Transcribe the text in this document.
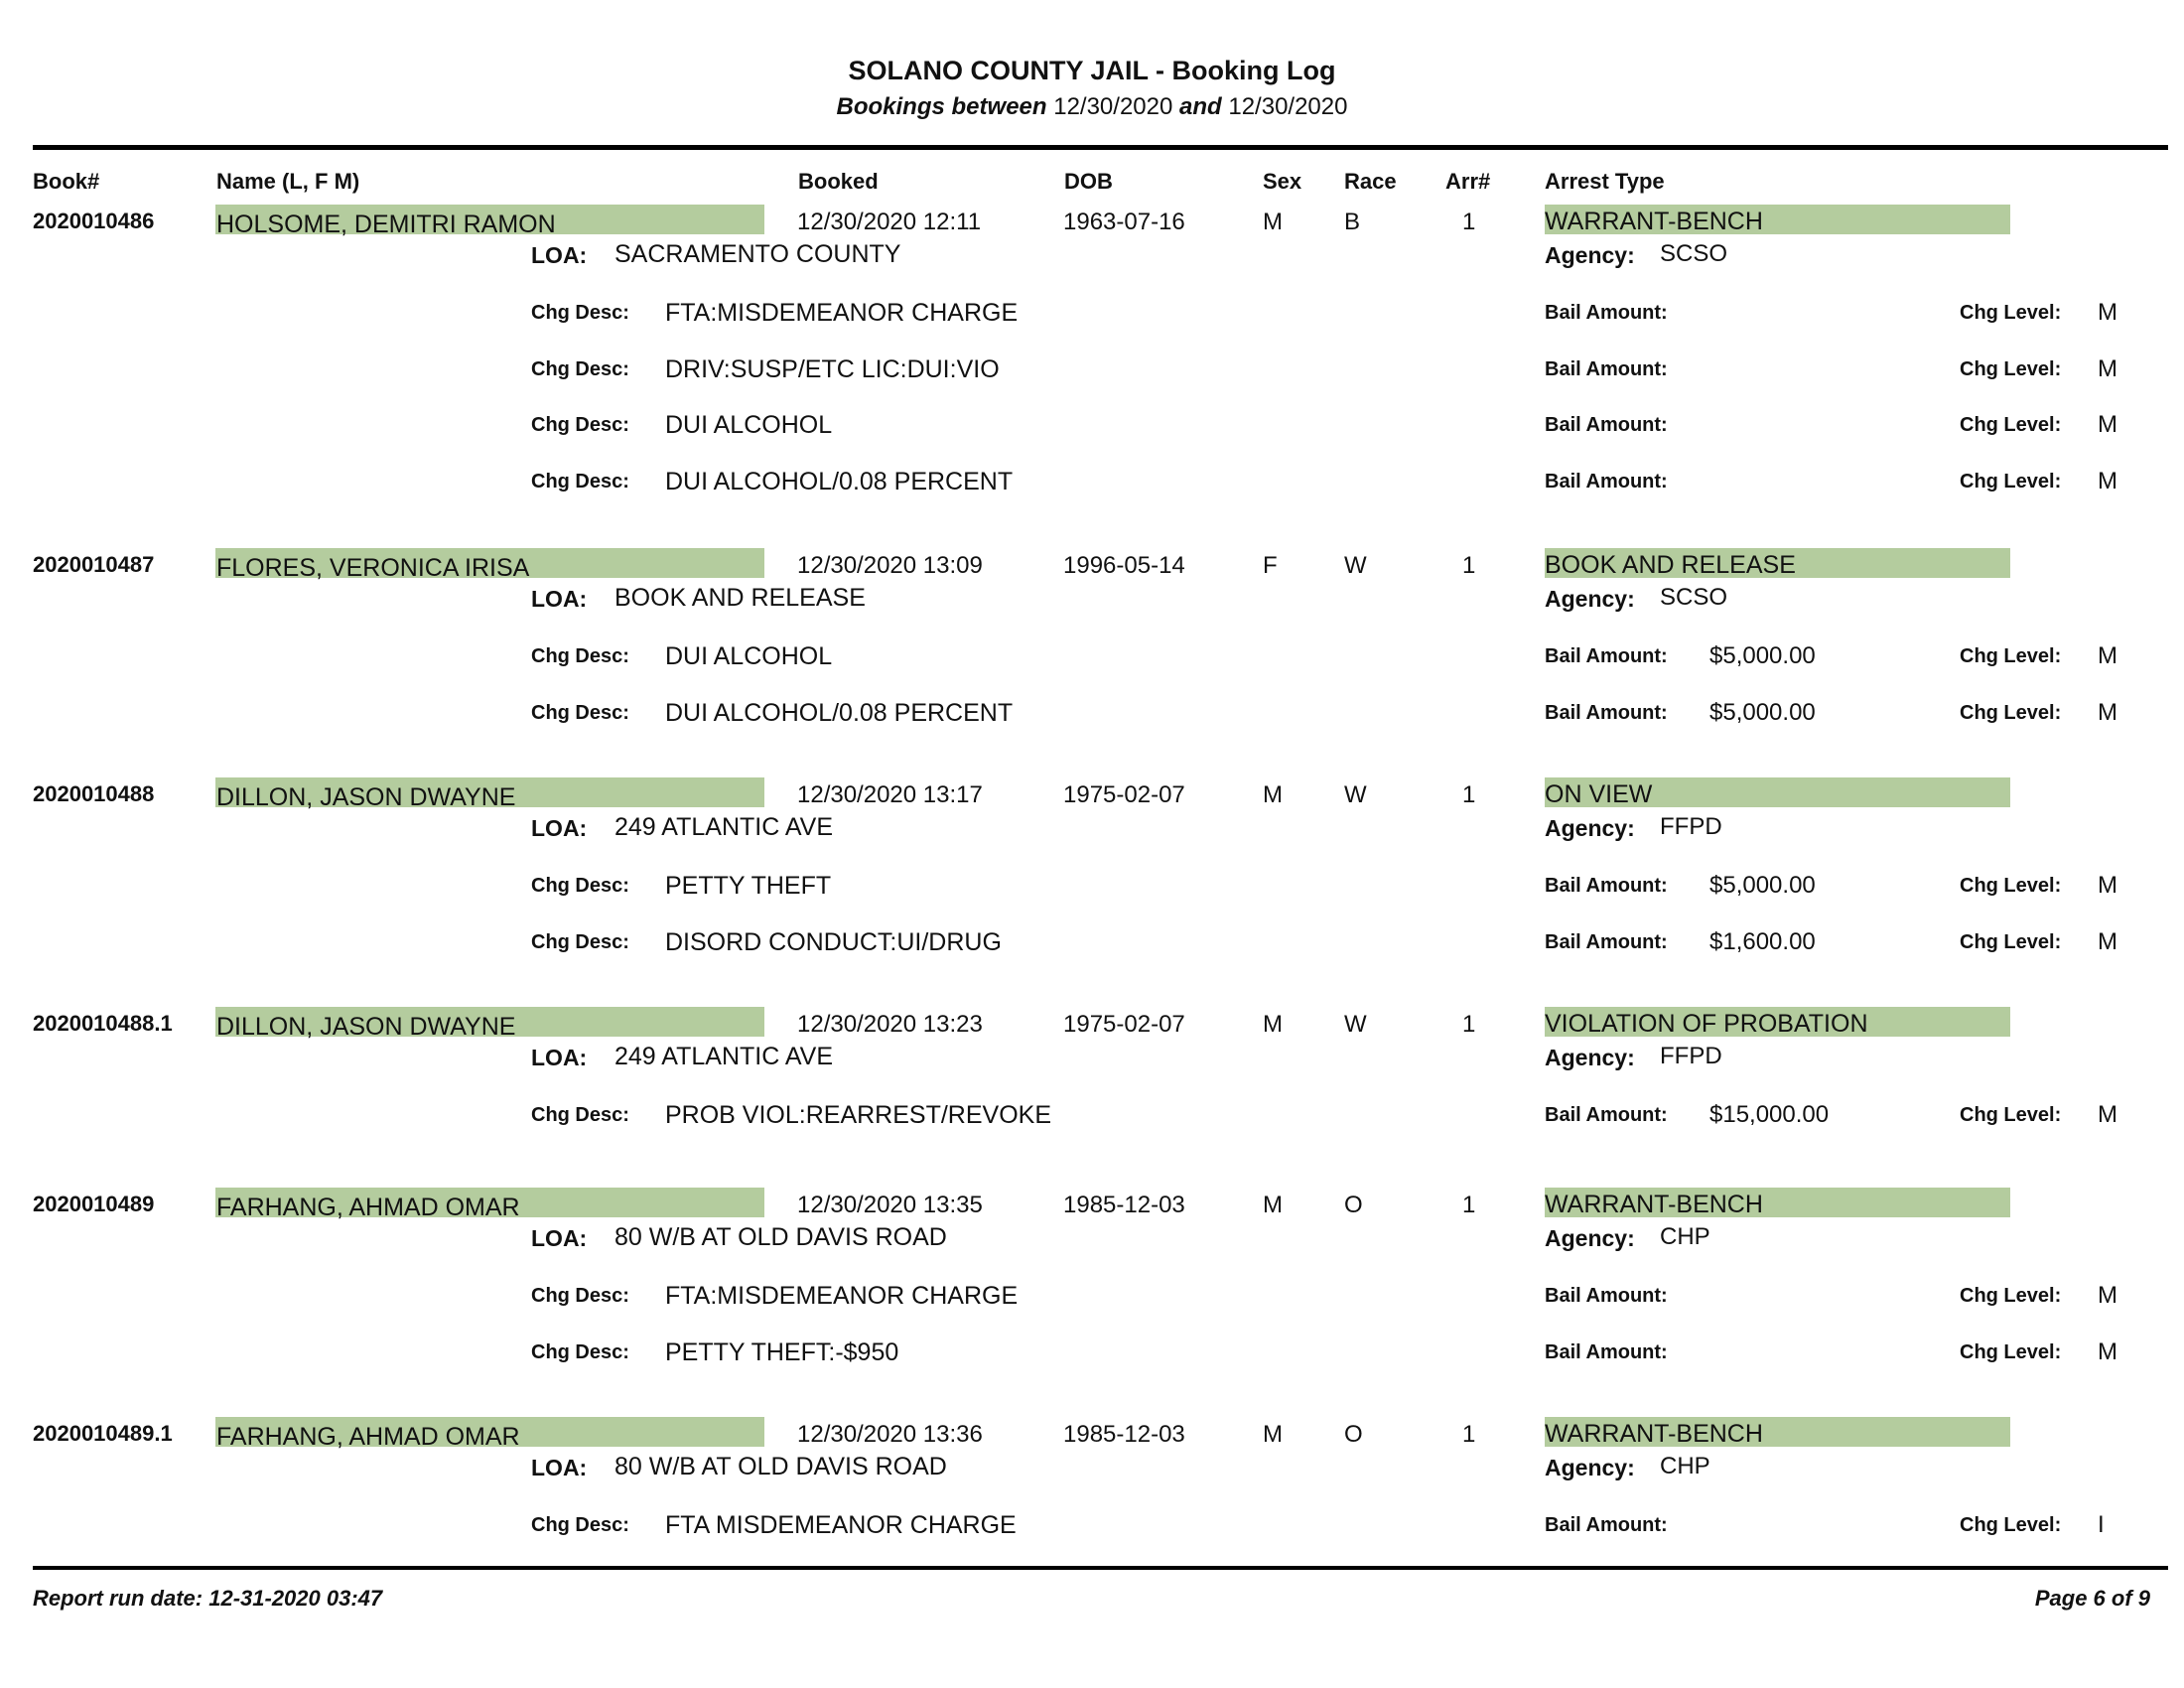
SOLANO COUNTY JAIL - Booking Log
Bookings between 12/30/2020 and 12/30/2020
Book#	Name (L, F M)	Booked	DOB	Sex Race Arr# Arrest Type
2020010486	HOLSOME, DEMITRI RAMON	12/30/2020 12:11	1963-07-16	M	B	1	WARRANT-BENCH
LOA: SACRAMENTO COUNTY	Agency: SCSO
Chg Desc: FTA:MISDEMEANOR CHARGE	Bail Amount:	Chg Level: M
Chg Desc: DRIV:SUSP/ETC LIC:DUI:VIO	Bail Amount:	Chg Level: M
Chg Desc: DUI ALCOHOL	Bail Amount:	Chg Level: M
Chg Desc: DUI ALCOHOL/0.08 PERCENT	Bail Amount:	Chg Level: M
2020010487	FLORES, VERONICA IRISA	12/30/2020 13:09	1996-05-14	F	W	1	BOOK AND RELEASE
LOA: BOOK AND RELEASE	Agency: SCSO
Chg Desc: DUI ALCOHOL	Bail Amount: $5,000.00	Chg Level: M
Chg Desc: DUI ALCOHOL/0.08 PERCENT	Bail Amount: $5,000.00	Chg Level: M
2020010488	DILLON, JASON DWAYNE	12/30/2020 13:17	1975-02-07	M	W	1	ON VIEW
LOA: 249 ATLANTIC AVE	Agency: FFPD
Chg Desc: PETTY THEFT	Bail Amount: $5,000.00	Chg Level: M
Chg Desc: DISORD CONDUCT:UI/DRUG	Bail Amount: $1,600.00	Chg Level: M
2020010488.1 DILLON, JASON DWAYNE	12/30/2020 13:23	1975-02-07	M	W	1	VIOLATION OF PROBATION
LOA: 249 ATLANTIC AVE	Agency: FFPD
Chg Desc: PROB VIOL:REARREST/REVOKE	Bail Amount: $15,000.00	Chg Level: M
2020010489	FARHANG, AHMAD OMAR	12/30/2020 13:35	1985-12-03	M	O	1	WARRANT-BENCH
LOA: 80 W/B AT OLD DAVIS ROAD	Agency: CHP
Chg Desc: FTA:MISDEMEANOR CHARGE	Bail Amount:	Chg Level: M
Chg Desc: PETTY THEFT:-$950	Bail Amount:	Chg Level: M
2020010489.1 FARHANG, AHMAD OMAR	12/30/2020 13:36	1985-12-03	M	O	1	WARRANT-BENCH
LOA: 80 W/B AT OLD DAVIS ROAD	Agency: CHP
Chg Desc: FTA MISDEMEANOR CHARGE	Bail Amount:	Chg Level: I
Report run date: 12-31-2020 03:47	Page 6 of 9
